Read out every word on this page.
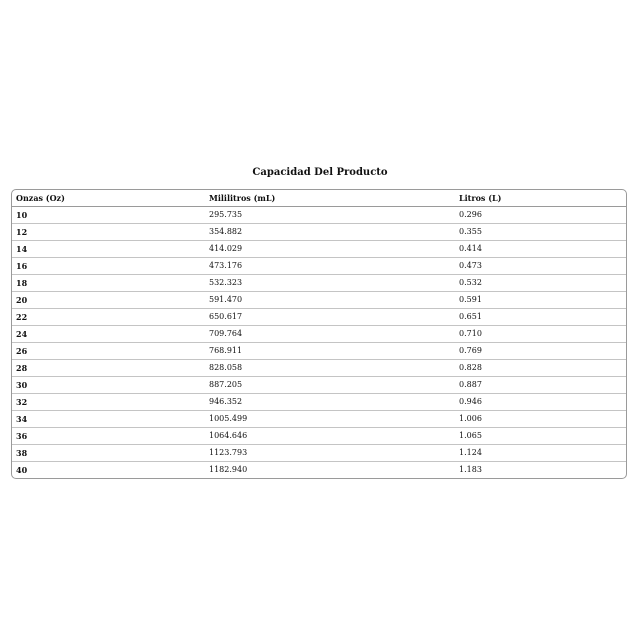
Capacidad Del Producto
Onzas (Oz)	Mililitros (mL)	Litros (L)
10	295.735	0.296
12	354.882	0.355
14	414.029	0.414
16	473.176	0.473
18	532.323	0.532
20	591.470	0.591
22	650.617	0.651
24	709.764	0.710
26	768.911	0.769
28	828.058	0.828
30	887.205	0.887
32	946.352	0.946
34	1005.499	1.006
36	1064.646	1.065
38	1123.793	1.124
40	1182.940	1.183
